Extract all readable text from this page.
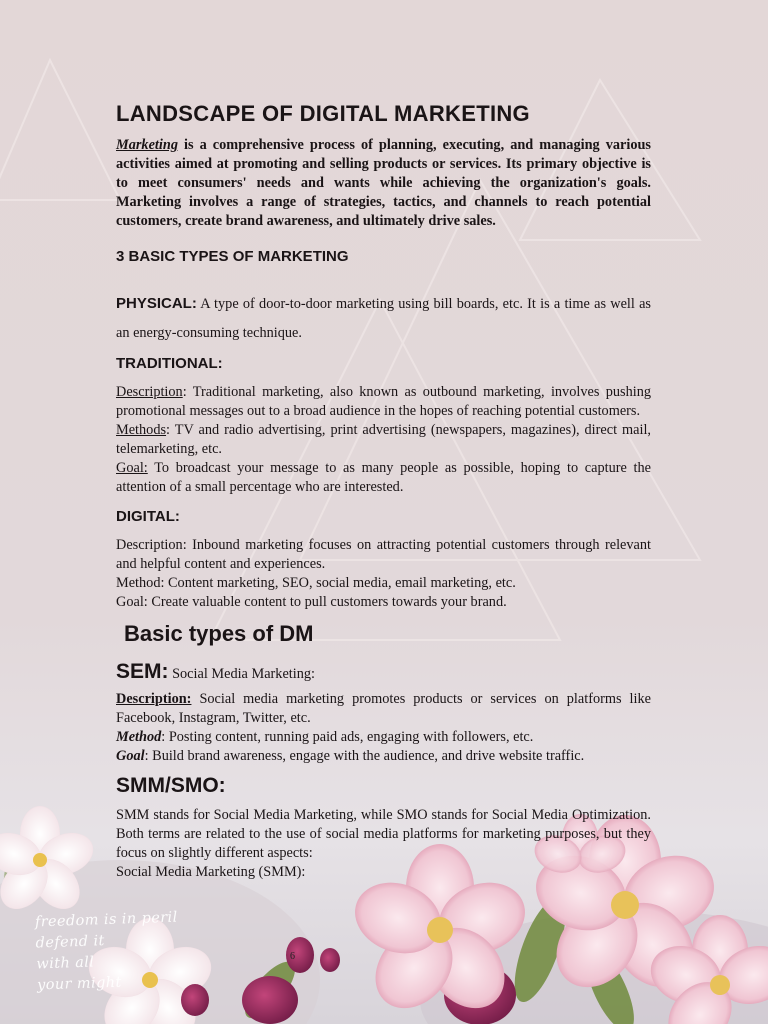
LANDSCAPE OF DIGITAL MARKETING

Marketing is a comprehensive process of planning, executing, and managing various activities aimed at promoting and selling products or services. Its primary objective is to meet consumers' needs and wants while achieving the organization's goals. Marketing involves a range of strategies, tactics, and channels to reach potential customers, create brand awareness, and ultimately drive sales.

3 BASIC TYPES OF MARKETING

PHYSICAL: A type of door-to-door marketing using bill boards, etc. It is a time as well as an energy-consuming technique.

TRADITIONAL:

Description: Traditional marketing, also known as outbound marketing, involves pushing promotional messages out to a broad audience in the hopes of reaching potential customers.

Methods: TV and radio advertising, print advertising (newspapers, magazines), direct mail, telemarketing, etc.

Goal: To broadcast your message to as many people as possible, hoping to capture the attention of a small percentage who are interested.

DIGITAL:

Description: Inbound marketing focuses on attracting potential customers through relevant and helpful content and experiences.

Method: Content marketing, SEO, social media, email marketing, etc.

Goal: Create valuable content to pull customers towards your brand.

Basic types of DM

SEM: Social Media Marketing:

Description: Social media marketing promotes products or services on platforms like Facebook, Instagram, Twitter, etc.

Method: Posting content, running paid ads, engaging with followers, etc.

Goal: Build brand awareness, engage with the audience, and drive website traffic.

SMM/SMO:

SMM stands for Social Media Marketing, while SMO stands for Social Media Optimization. Both terms are related to the use of social media platforms for marketing purposes, but they focus on slightly different aspects:

Social Media Marketing (SMM):

6
freedom is in peril
defend it
with all
your might
